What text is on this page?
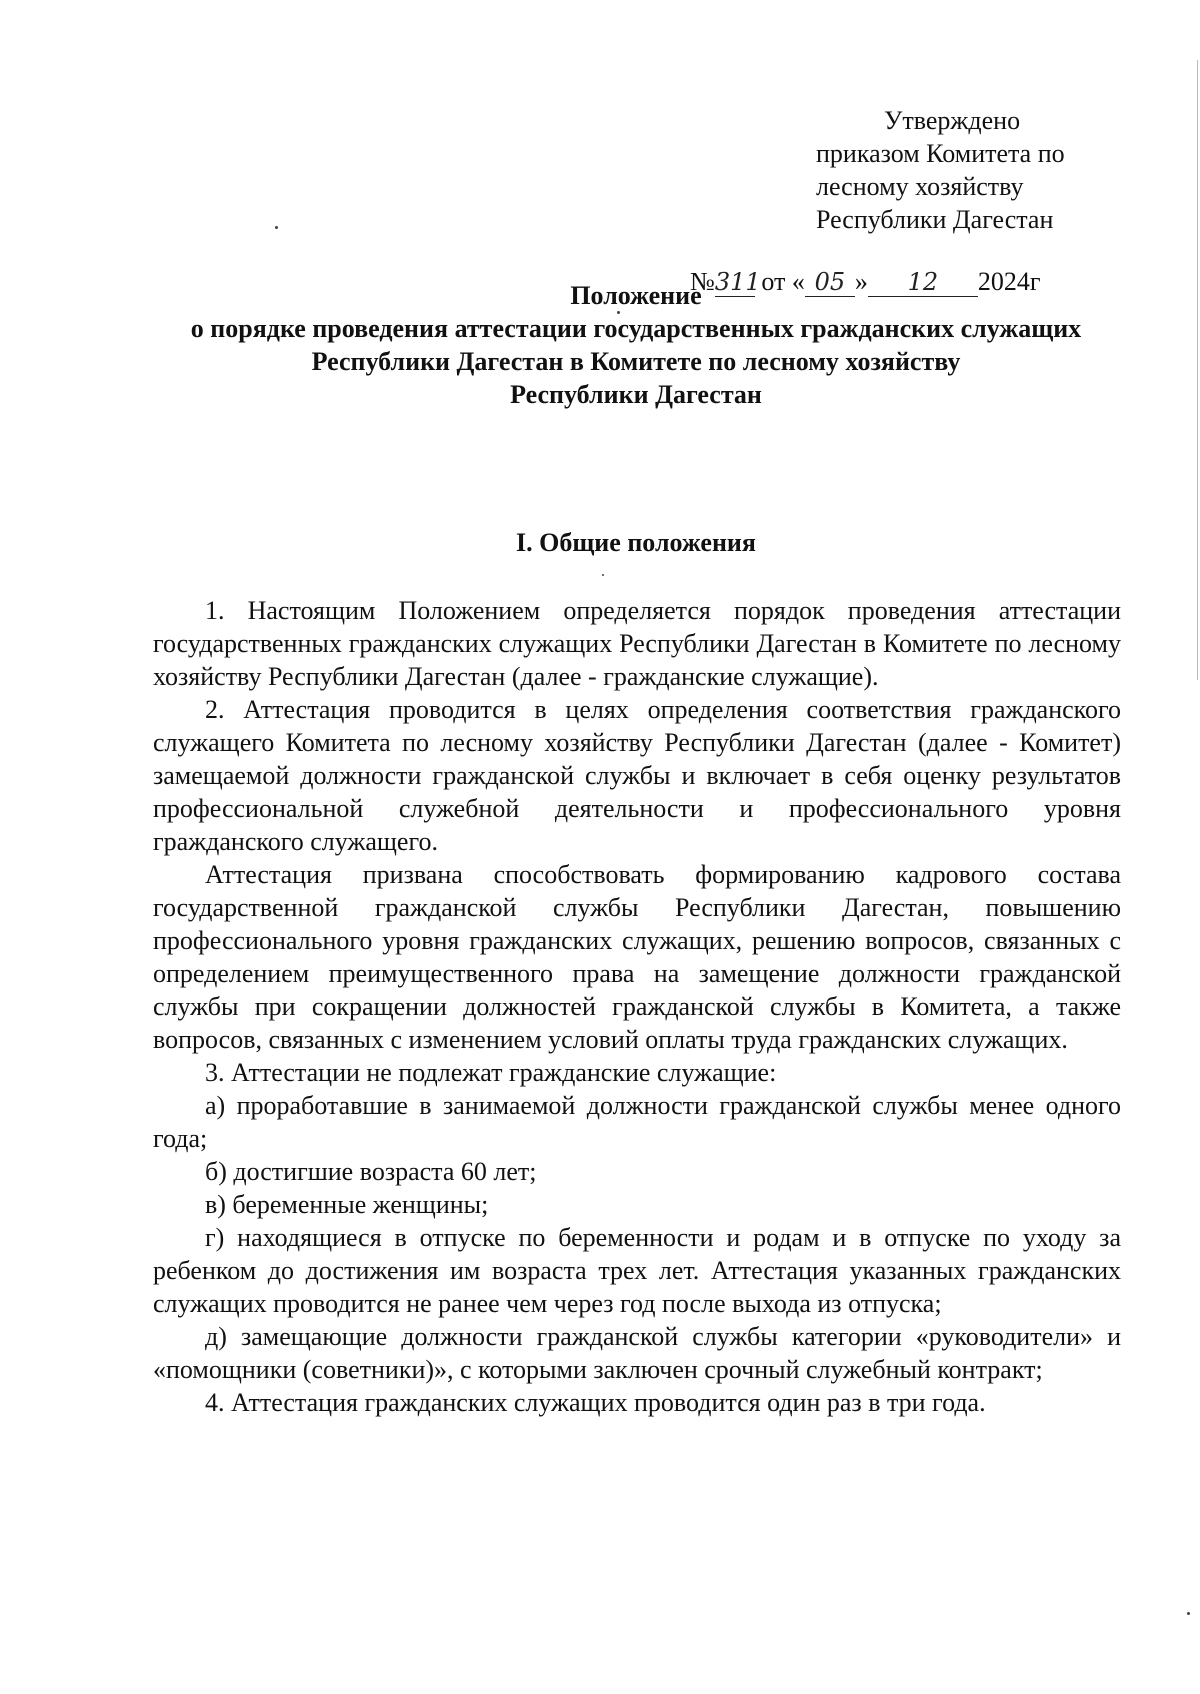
Утверждено
приказом Комитета по
лесному хозяйству
Республики Дагестан
№311 от « 05 » 12 2024г
Положение
о порядке проведения аттестации государственных гражданских служащих
Республики Дагестан в Комитете по лесному хозяйству
Республики Дагестан
I. Общие положения

1. Настоящим Положением определяется порядок проведения аттестации государственных гражданских служащих Республики Дагестан в Комитете по лесному хозяйству Республики Дагестан (далее - гражданские служащие).

2. Аттестация проводится в целях определения соответствия гражданского служащего Комитета по лесному хозяйству Республики Дагестан (далее - Комитет) замещаемой должности гражданской службы и включает в себя оценку результатов профессиональной служебной деятельности и профессионального уровня гражданского служащего.

Аттестация призвана способствовать формированию кадрового состава государственной гражданской службы Республики Дагестан, повышению профессионального уровня гражданских служащих, решению вопросов, связанных с определением преимущественного права на замещение должности гражданской службы при сокращении должностей гражданской службы в Комитета, а также вопросов, связанных с изменением условий оплаты труда гражданских служащих.

3. Аттестации не подлежат гражданские служащие:

а) проработавшие в занимаемой должности гражданской службы менее одного года;

б) достигшие возраста 60 лет;

в) беременные женщины;

г) находящиеся в отпуске по беременности и родам и в отпуске по уходу за ребенком до достижения им возраста трех лет. Аттестация указанных гражданских служащих проводится не ранее чем через год после выхода из отпуска;

д) замещающие должности гражданской службы категории «руководители» и «помощники (советники)», с которыми заключен срочный служебный контракт;

4. Аттестация гражданских служащих проводится один раз в три года.
